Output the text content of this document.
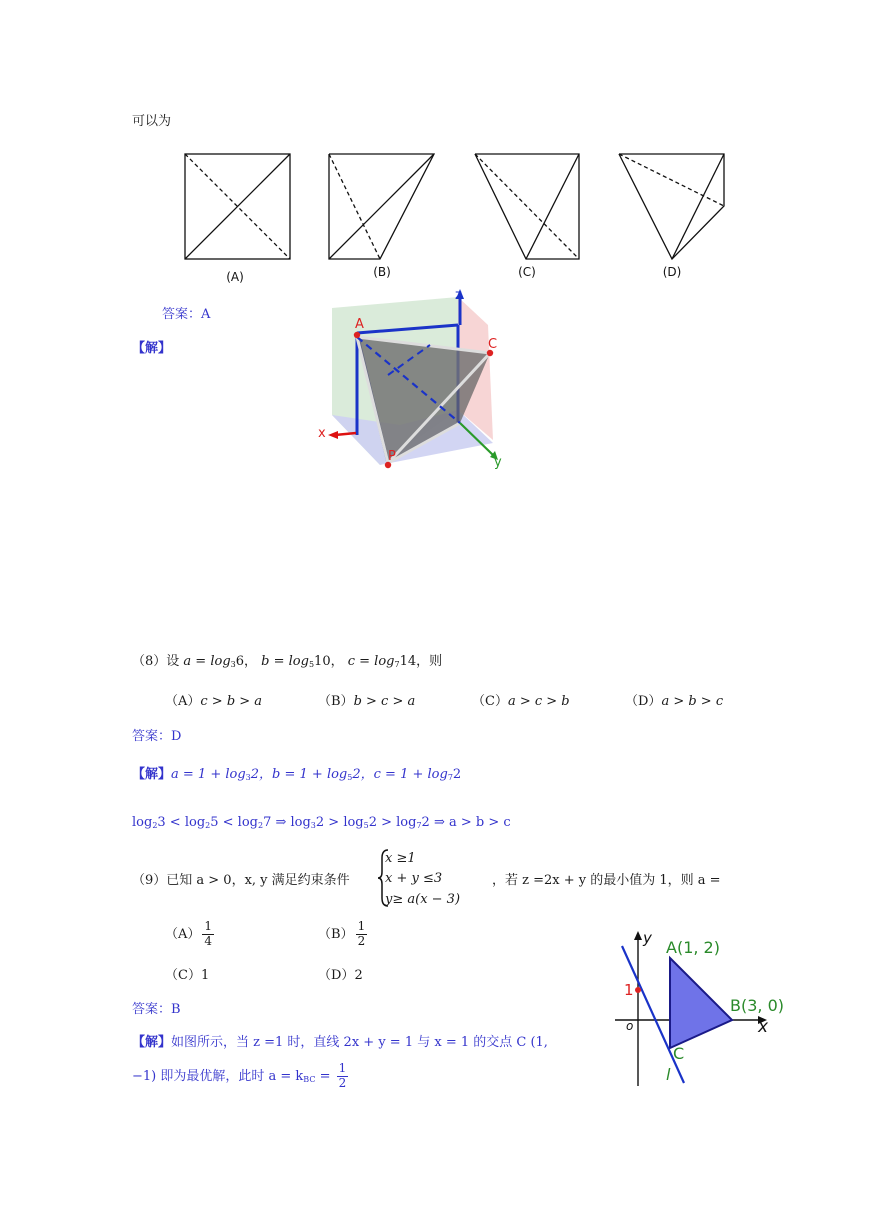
可以为
(A)	(B)	(C)	(D)
答案：A
【解】
A
C
P
z
x
y
（8）设 $a = \log_36$， $b = \log_510$， $c = \log_714$，则
（A）c > b > a	（B）b > c > a	（C）a > c > b	（D）a > b > c
答案：D
【解】$a = 1 + \log_32$，$b = 1 + \log_52$，$c = 1 + \log_72$
$\log_23 < \log_25 < \log_27$ ⇒ $\log_32 > \log_52 > \log_72$ ⇒ a > b > c
（9）已知 a > 0，x, y 满足约束条件
x ≥1
x + y ≤3
y≥ a(x − 3)
，若 z =2x + y 的最小值为 1，则 a =
$(A) \frac{1}{4}$	$(B) \frac{1}{2}$
（C）1	（D）2
答案：B
【解】如图所示，当 z =1 时，直线 2x + y = 1 与 x = 1 的交点 C (1,
−1) 即为最优解，此时 $a = k_{BC} = \frac{1}{2}$
y
x
o
1
A(1, 2)
B(3, 0)
C
l
